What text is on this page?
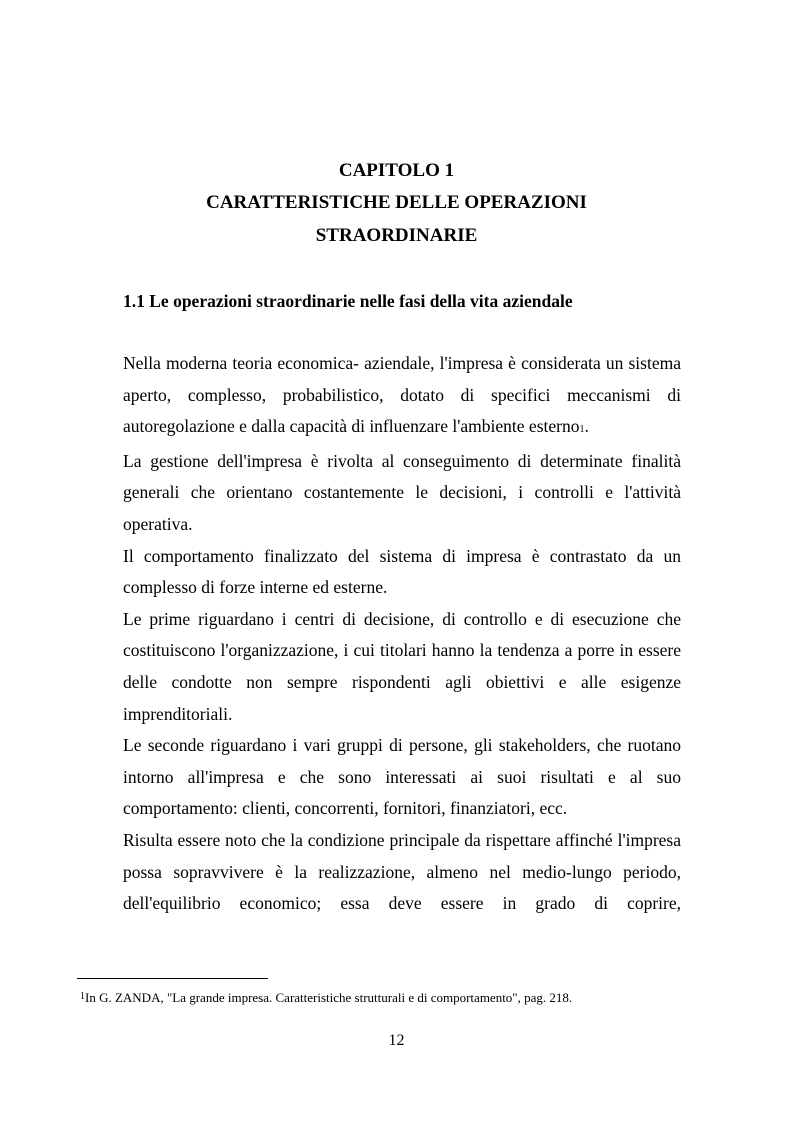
CAPITOLO 1
CARATTERISTICHE DELLE OPERAZIONI
STRAORDINARIE
1.1 Le operazioni straordinarie nelle fasi della vita aziendale

Nella moderna teoria economica- aziendale, l'impresa è considerata un sistema aperto, complesso, probabilistico, dotato di specifici meccanismi di autoregolazione e dalla capacità di influenzare l'ambiente esterno1.

La gestione dell'impresa è rivolta al conseguimento di determinate finalità generali che orientano costantemente le decisioni, i controlli e l'attività operativa.

Il comportamento finalizzato del sistema di impresa è contrastato da un complesso di forze interne ed esterne.

Le prime riguardano i centri di decisione, di controllo e di esecuzione che costituiscono l'organizzazione, i cui titolari hanno la tendenza a porre in essere delle condotte non sempre rispondenti agli obiettivi e alle esigenze imprenditoriali.

Le seconde riguardano i vari gruppi di persone, gli stakeholders, che ruotano intorno all'impresa e che sono interessati ai suoi risultati e al suo comportamento: clienti, concorrenti, fornitori, finanziatori, ecc.

Risulta essere noto che la condizione principale da rispettare affinché l'impresa possa sopravvivere è la realizzazione, almeno nel medio-lungo periodo, dell'equilibrio economico; essa deve essere in grado di coprire,

$^1$In G. ZANDA, "La grande impresa. Caratteristiche strutturali e di comportamento", pag. 218.
12
